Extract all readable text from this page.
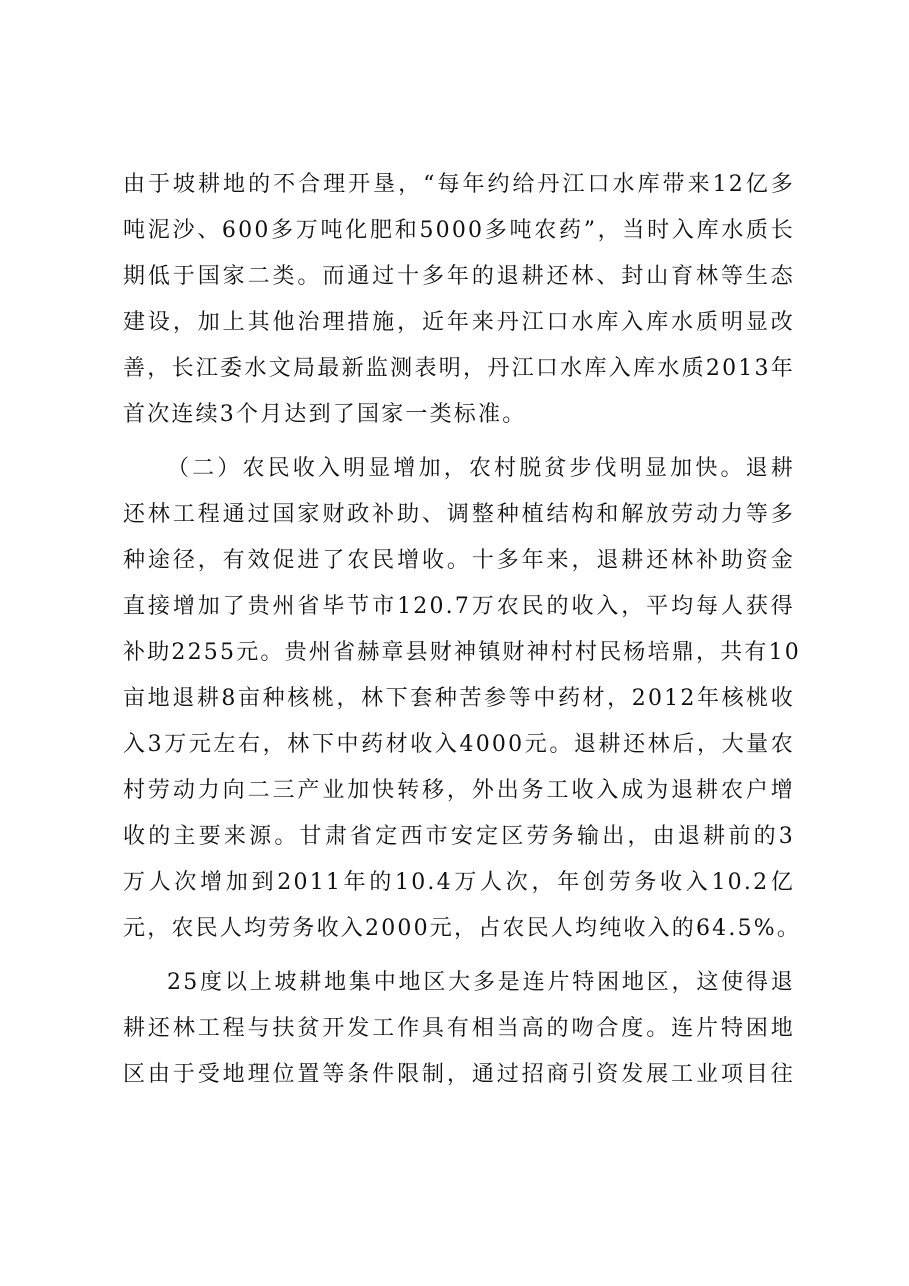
由于坡耕地的不合理开垦，“每年约给丹江口水库带来12亿多
吨泥沙、600多万吨化肥和5000多吨农药”，当时入库水质长
期低于国家二类。而通过十多年的退耕还林、封山育林等生态
建设，加上其他治理措施，近年来丹江口水库入库水质明显改
善，长江委水文局最新监测表明，丹江口水库入库水质2013年
首次连续3个月达到了国家一类标准。
（二）农民收入明显增加，农村脱贫步伐明显加快。退耕
还林工程通过国家财政补助、调整种植结构和解放劳动力等多
种途径，有效促进了农民增收。十多年来，退耕还林补助资金
直接增加了贵州省毕节市120.7万农民的收入，平均每人获得
补助2255元。贵州省赫章县财神镇财神村村民杨培鼎，共有10
亩地退耕8亩种核桃，林下套种苦参等中药材，2012年核桃收
入3万元左右，林下中药材收入4000元。退耕还林后，大量农
村劳动力向二三产业加快转移，外出务工收入成为退耕农户增
收的主要来源。甘肃省定西市安定区劳务输出，由退耕前的3
万人次增加到2011年的10.4万人次，年创劳务收入10.2亿
元，农民人均劳务收入2000元，占农民人均纯收入的64.5%。
25度以上坡耕地集中地区大多是连片特困地区，这使得退
耕还林工程与扶贫开发工作具有相当高的吻合度。连片特困地
区由于受地理位置等条件限制，通过招商引资发展工业项目往
